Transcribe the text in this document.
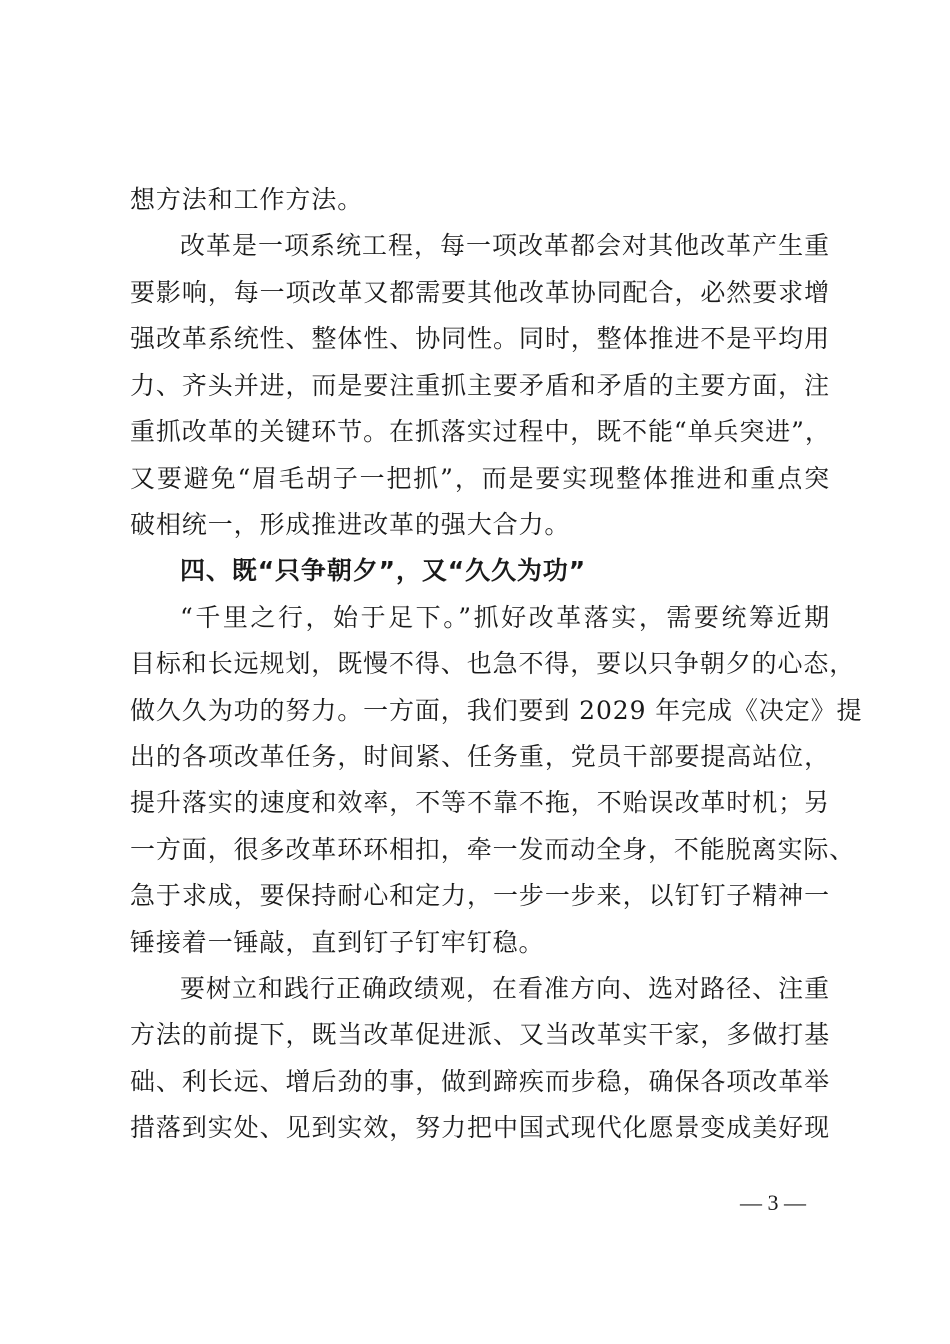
想方法和工作方法。
改革是一项系统工程，每一项改革都会对其他改革产生重
要影响，每一项改革又都需要其他改革协同配合，必然要求增
强改革系统性、整体性、协同性。同时，整体推进不是平均用
力、齐头并进，而是要注重抓主要矛盾和矛盾的主要方面，注
重抓改革的关键环节。在抓落实过程中，既不能“单兵突进”，
又要避免“眉毛胡子一把抓”，而是要实现整体推进和重点突
破相统一，形成推进改革的强大合力。
四、既“只争朝夕”，又“久久为功”
“千里之行，始于足下。”抓好改革落实，需要统筹近期
目标和长远规划，既慢不得、也急不得，要以只争朝夕的心态，
做久久为功的努力。一方面，我们要到 2029 年完成《决定》提
出的各项改革任务，时间紧、任务重，党员干部要提高站位，
提升落实的速度和效率，不等不靠不拖，不贻误改革时机；另
一方面，很多改革环环相扣，牵一发而动全身，不能脱离实际、
急于求成，要保持耐心和定力，一步一步来，以钉钉子精神一
锤接着一锤敲，直到钉子钉牢钉稳。
要树立和践行正确政绩观，在看准方向、选对路径、注重
方法的前提下，既当改革促进派、又当改革实干家，多做打基
础、利长远、增后劲的事，做到蹄疾而步稳，确保各项改革举
措落到实处、见到实效，努力把中国式现代化愿景变成美好现
— 3 —
